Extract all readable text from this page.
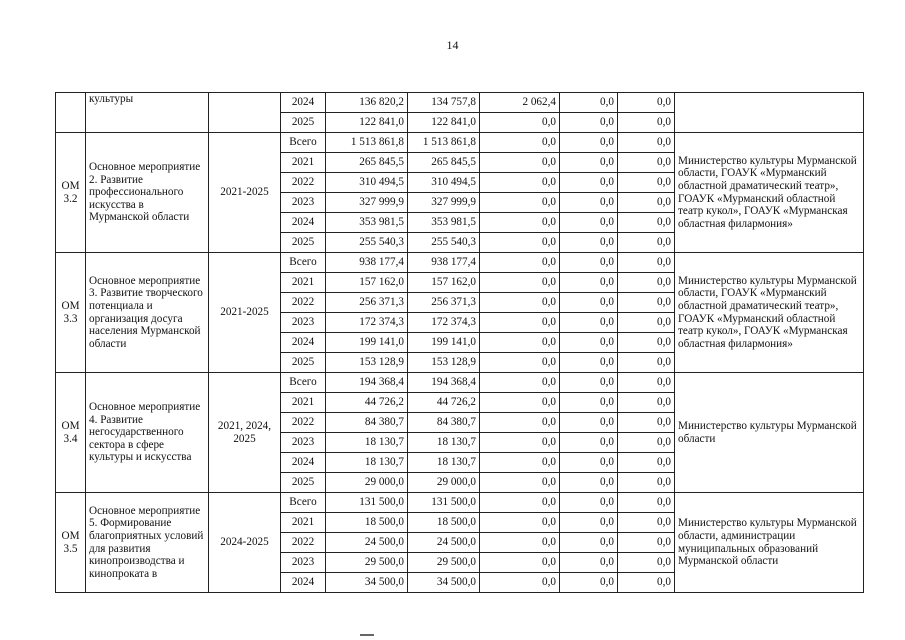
14
	культуры		2024	136 820,2	134 757,8	2 062,4	0,0	0,0	
			2025	122 841,0	122 841,0	0,0	0,0	0,0	
ОМ 3.2	Основное мероприятие 2. Развитие профессионального искусства в Мурманской области	2021-2025	Всего	1 513 861,8	1 513 861,8	0,0	0,0	0,0	Министерство культуры Мурманской области, ГОАУК «Мурманский областной драматический театр», ГОАУК «Мурманский областной театр кукол», ГОАУК «Мурманская областная филармония»
			2021	265 845,5	265 845,5	0,0	0,0	0,0	
			2022	310 494,5	310 494,5	0,0	0,0	0,0	
			2023	327 999,9	327 999,9	0,0	0,0	0,0	
			2024	353 981,5	353 981,5	0,0	0,0	0,0	
			2025	255 540,3	255 540,3	0,0	0,0	0,0	
ОМ 3.3	Основное мероприятие 3. Развитие творческого потенциала и организация досуга населения Мурманской области	2021-2025	Всего	938 177,4	938 177,4	0,0	0,0	0,0	Министерство культуры Мурманской области, ГОАУК «Мурманский областной драматический театр», ГОАУК «Мурманский областной театр кукол», ГОАУК «Мурманская областная филармония»
			2021	157 162,0	157 162,0	0,0	0,0	0,0	
			2022	256 371,3	256 371,3	0,0	0,0	0,0	
			2023	172 374,3	172 374,3	0,0	0,0	0,0	
			2024	199 141,0	199 141,0	0,0	0,0	0,0	
			2025	153 128,9	153 128,9	0,0	0,0	0,0	
ОМ 3.4	Основное мероприятие 4. Развитие негосударственного сектора в сфере культуры и искусства	2021, 2024, 2025	Всего	194 368,4	194 368,4	0,0	0,0	0,0	Министерство культуры Мурманской области
			2021	44 726,2	44 726,2	0,0	0,0	0,0	
			2022	84 380,7	84 380,7	0,0	0,0	0,0	
			2023	18 130,7	18 130,7	0,0	0,0	0,0	
			2024	18 130,7	18 130,7	0,0	0,0	0,0	
			2025	29 000,0	29 000,0	0,0	0,0	0,0	
ОМ 3.5	Основное мероприятие 5. Формирование благоприятных условий для развития кинопроизводства и кинопроката в	2024-2025	Всего	131 500,0	131 500,0	0,0	0,0	0,0	Министерство культуры Мурманской области, администрации муниципальных образований Мурманской области
			2021	18 500,0	18 500,0	0,0	0,0	0,0	
			2022	24 500,0	24 500,0	0,0	0,0	0,0	
			2023	29 500,0	29 500,0	0,0	0,0	0,0	
			2024	34 500,0	34 500,0	0,0	0,0	0,0	
